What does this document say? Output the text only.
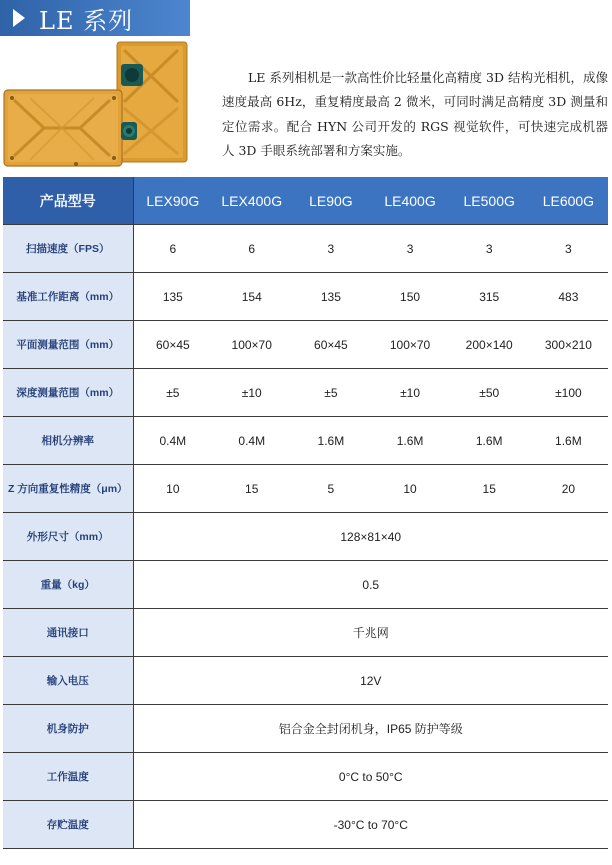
LE 系列

LE 系列相机是一款高性价比轻量化高精度 3D 结构光相机，成像速度最高 6Hz，重复精度最高 2 微米，可同时满足高精度 3D 测量和定位需求。配合 HYN 公司开发的 RGS 视觉软件，可快速完成机器人 3D 手眼系统部署和方案实施。

产品型号	LEX90G	LEX400G	LE90G	LE400G	LE500G	LE600G
扫描速度（FPS）	6	6	3	3	3	3
基准工作距离（mm）	135	154	135	150	315	483
平面测量范围（mm）	60×45	100×70	60×45	100×70	200×140	300×210
深度测量范围（mm）	±5	±10	±5	±10	±50	±100
相机分辨率	0.4M	0.4M	1.6M	1.6M	1.6M	1.6M
Z 方向重复性精度（μm）	10	15	5	10	15	20
外形尺寸（mm）	128×81×40					
重量（kg）	0.5					
通讯接口	千兆网					
输入电压	12V					
机身防护	铝合金全封闭机身，IP65 防护等级					
工作温度	0°C to 50°C					
存贮温度	-30°C to 70°C					
